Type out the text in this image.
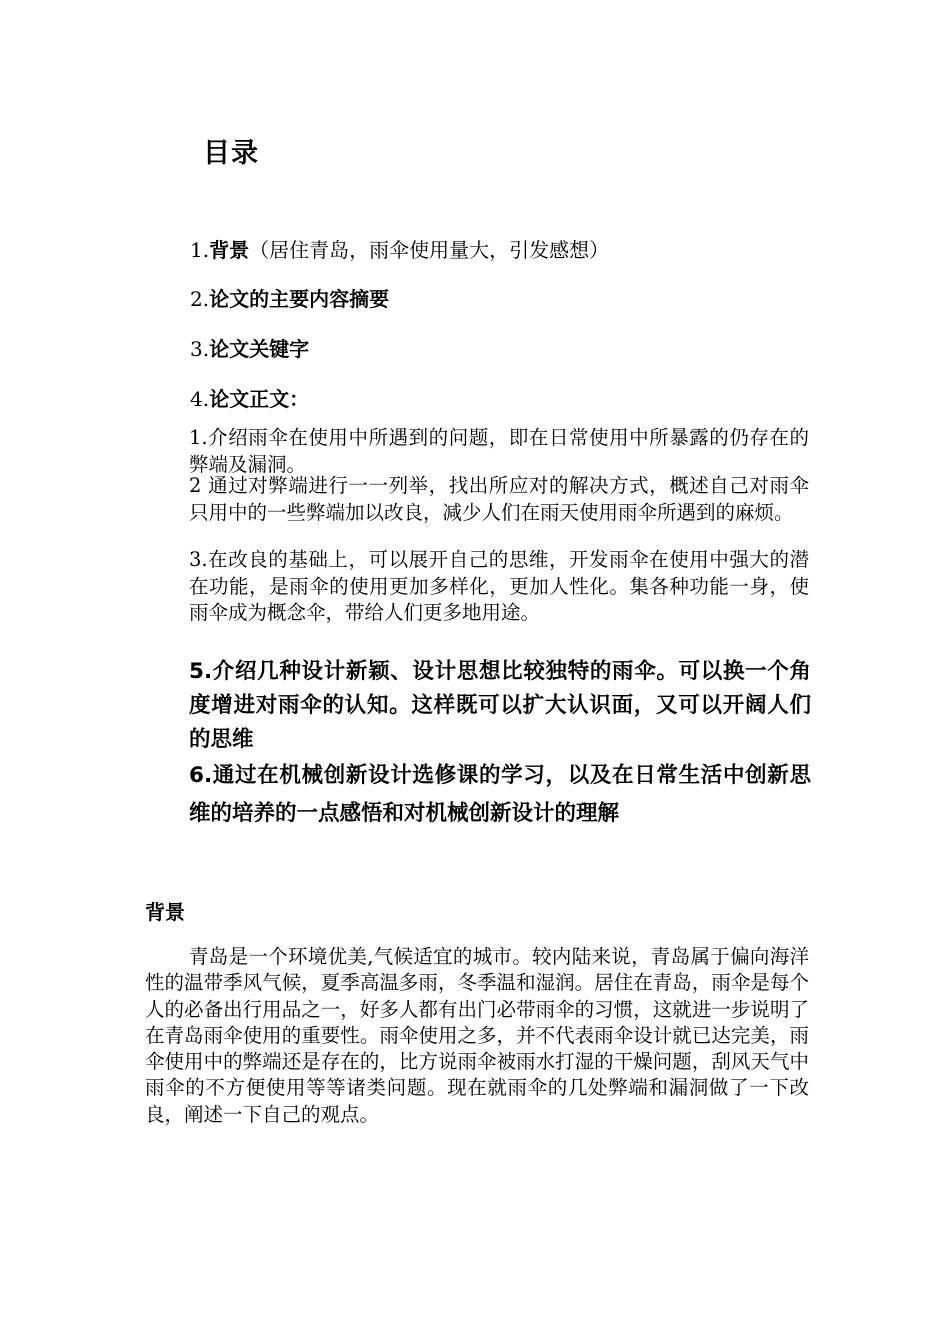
目录
1.背景（居住青岛，雨伞使用量大，引发感想）
2.论文的主要内容摘要
3.论文关键字
4.论文正文：
1.介绍雨伞在使用中所遇到的问题，即在日常使用中所暴露的仍存在的弊端及漏洞。
2 通过对弊端进行一一列举，找出所应对的解决方式，概述自己对雨伞只用中的一些弊端加以改良，减少人们在雨天使用雨伞所遇到的麻烦。
3.在改良的基础上，可以展开自己的思维，开发雨伞在使用中强大的潜在功能，是雨伞的使用更加多样化，更加人性化。集各种功能一身，使雨伞成为概念伞，带给人们更多地用途。
5.介绍几种设计新颖、设计思想比较独特的雨伞。可以换一个角度增进对雨伞的认知。这样既可以扩大认识面，又可以开阔人们的思维
6.通过在机械创新设计选修课的学习，以及在日常生活中创新思维的培养的一点感悟和对机械创新设计的理解
背景
青岛是一个环境优美,气候适宜的城市。较内陆来说，青岛属于偏向海洋性的温带季风气候，夏季高温多雨，冬季温和湿润。居住在青岛，雨伞是每个人的必备出行用品之一，好多人都有出门必带雨伞的习惯，这就进一步说明了在青岛雨伞使用的重要性。雨伞使用之多，并不代表雨伞设计就已达完美，雨伞使用中的弊端还是存在的，比方说雨伞被雨水打湿的干燥问题，刮风天气中雨伞的不方便使用等等诸类问题。现在就雨伞的几处弊端和漏洞做了一下改良，阐述一下自己的观点。
